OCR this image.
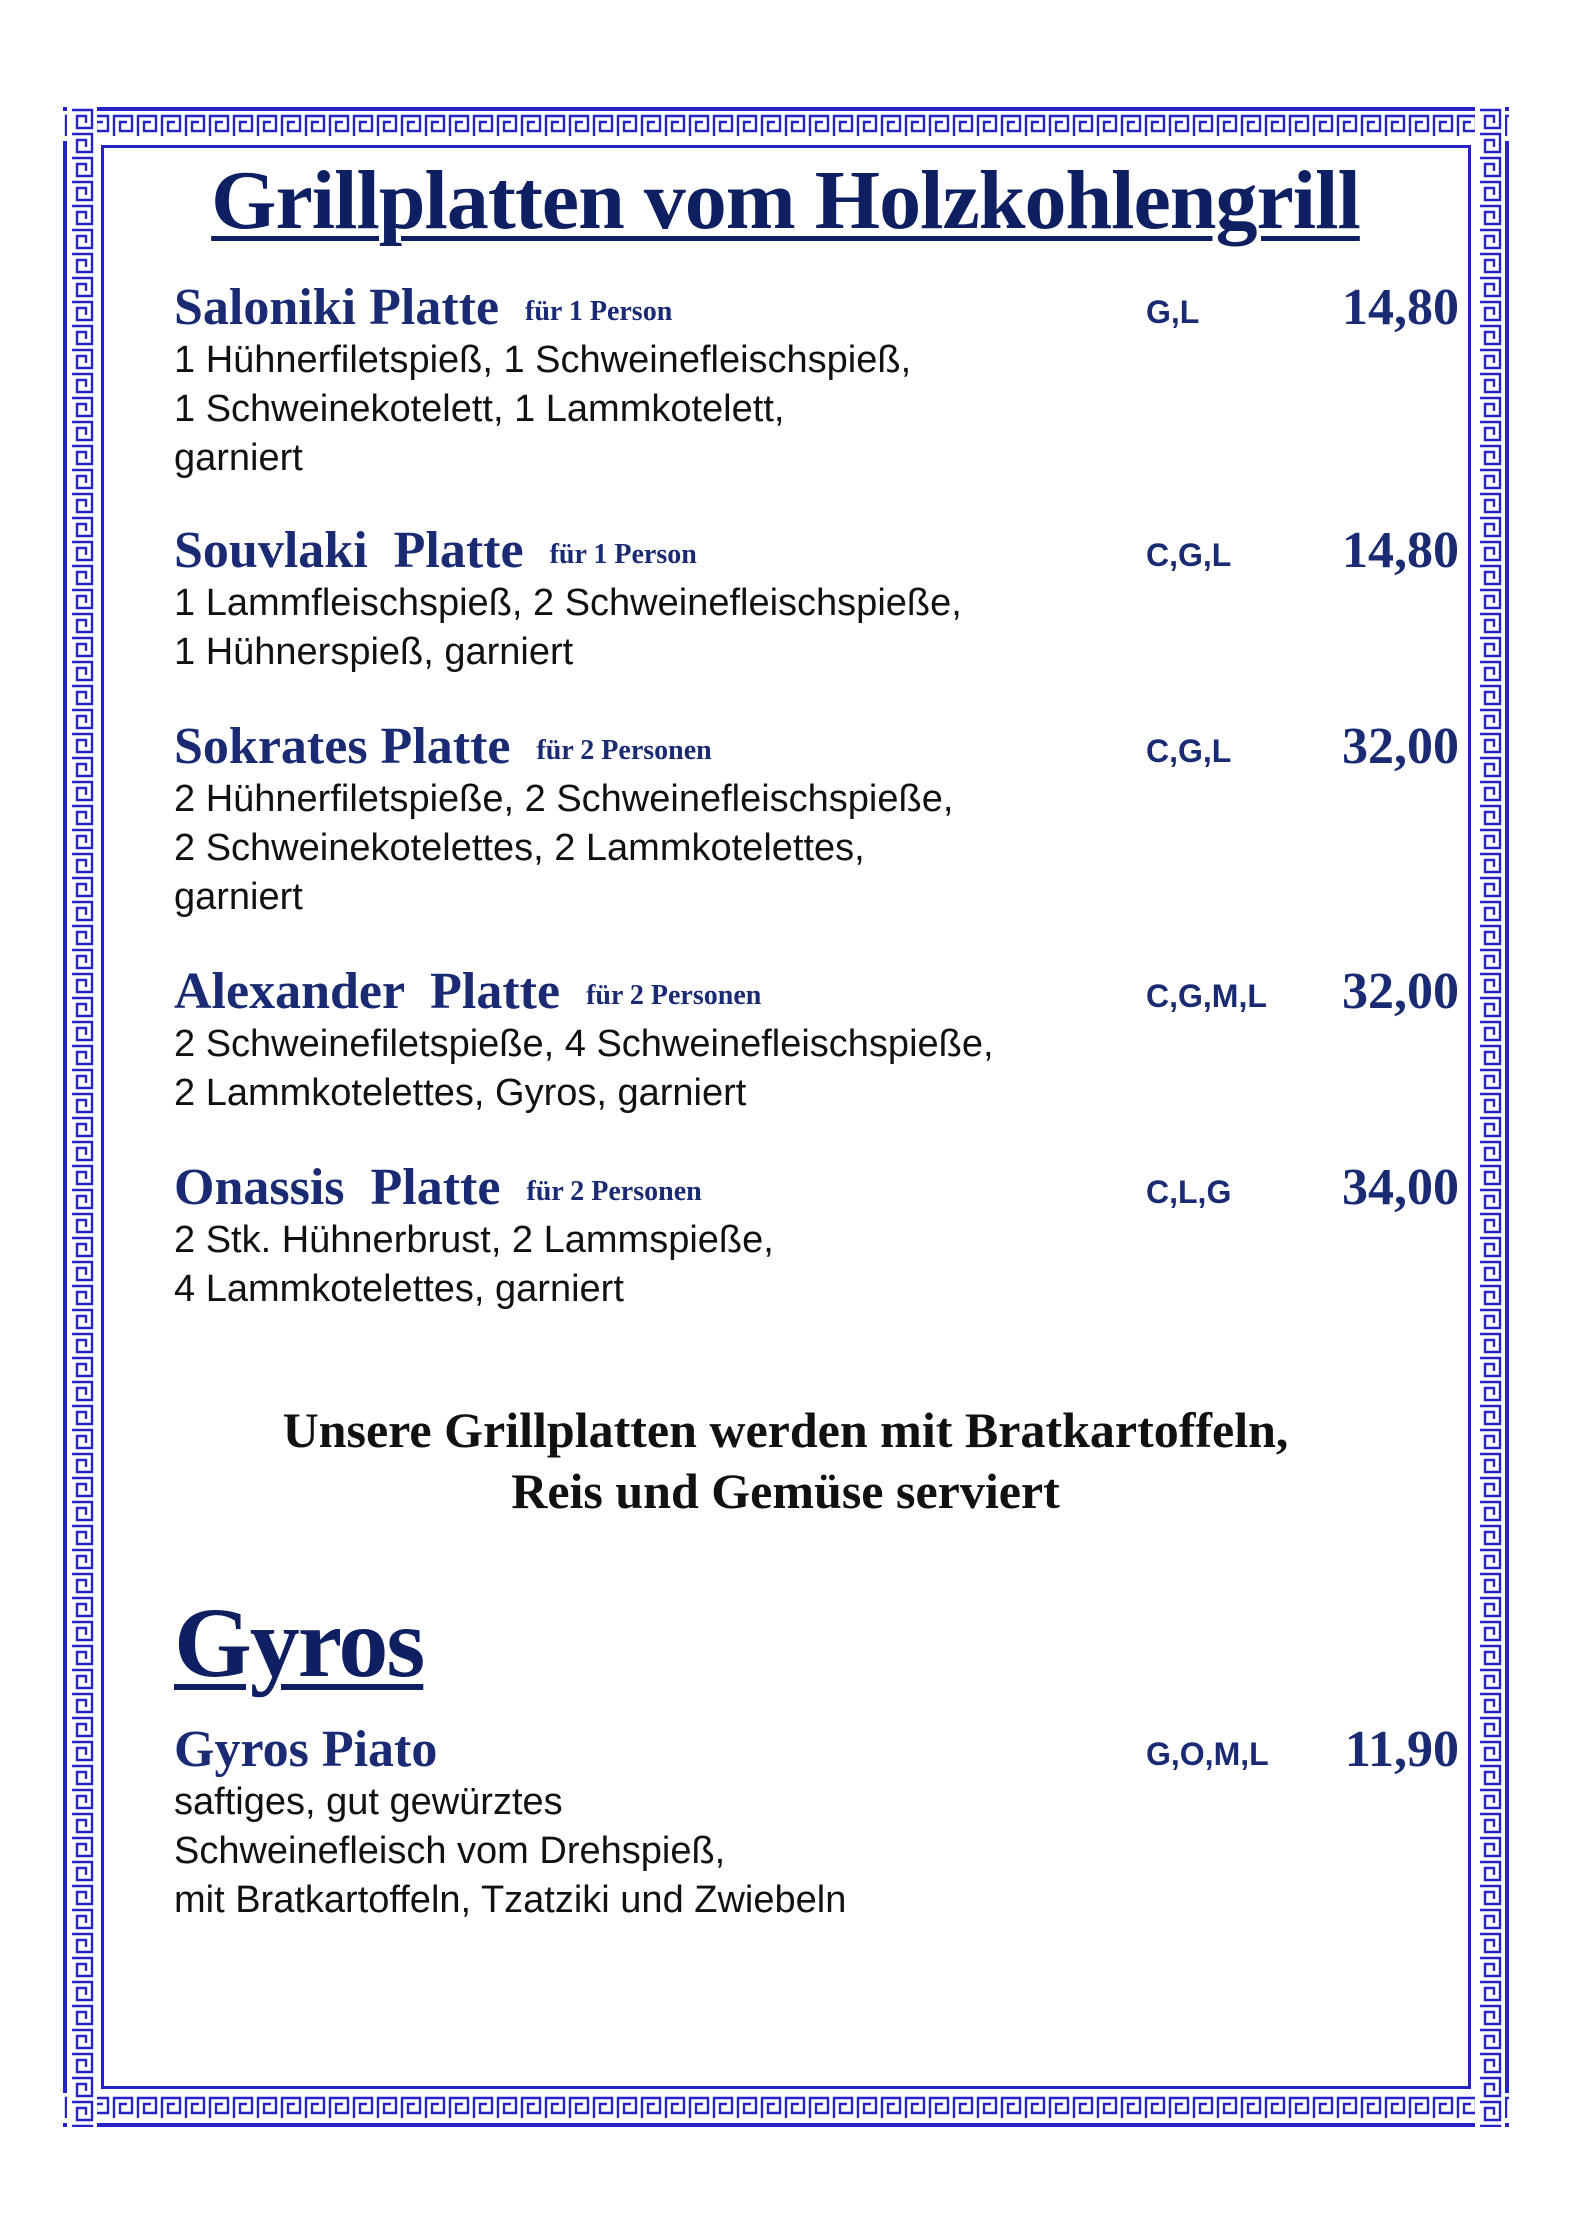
Grillplatten vom Holzkohlengrill
Saloniki Platte für 1 Person	G,L	14,80
1 Hühnerfiletspieß, 1 Schweinefleischspieß,
1 Schweinekotelett, 1 Lammkotelett,
garniert
Souvlaki  Platte für 1 Person	C,G,L 14,80
1 Lammfleischspieß, 2 Schweinefleischspieße,
1 Hühnerspieß, garniert
Sokrates Platte für 2 Personen	C,G,L 32,00
2 Hühnerfiletspieße, 2 Schweinefleischspieße,
2 Schweinekotelettes, 2 Lammkotelettes,
garniert
Alexander  Platte für 2 Personen	C,G,M,L 32,00
2 Schweinefiletspieße, 4 Schweinefleischspieße,
2 Lammkotelettes, Gyros, garniert
Onassis  Platte für 2 Personen	C,L,G 34,00
2 Stk. Hühnerbrust, 2 Lammspieße,
4 Lammkotelettes, garniert
Unsere Grillplatten werden mit Bratkartoffeln,
Reis und Gemüse serviert
Gyros
Gyros Piato	G,O,M,L 11,90
saftiges, gut gewürztes
Schweinefleisch vom Drehspieß,
mit Bratkartoffeln, Tzatziki und Zwiebeln
